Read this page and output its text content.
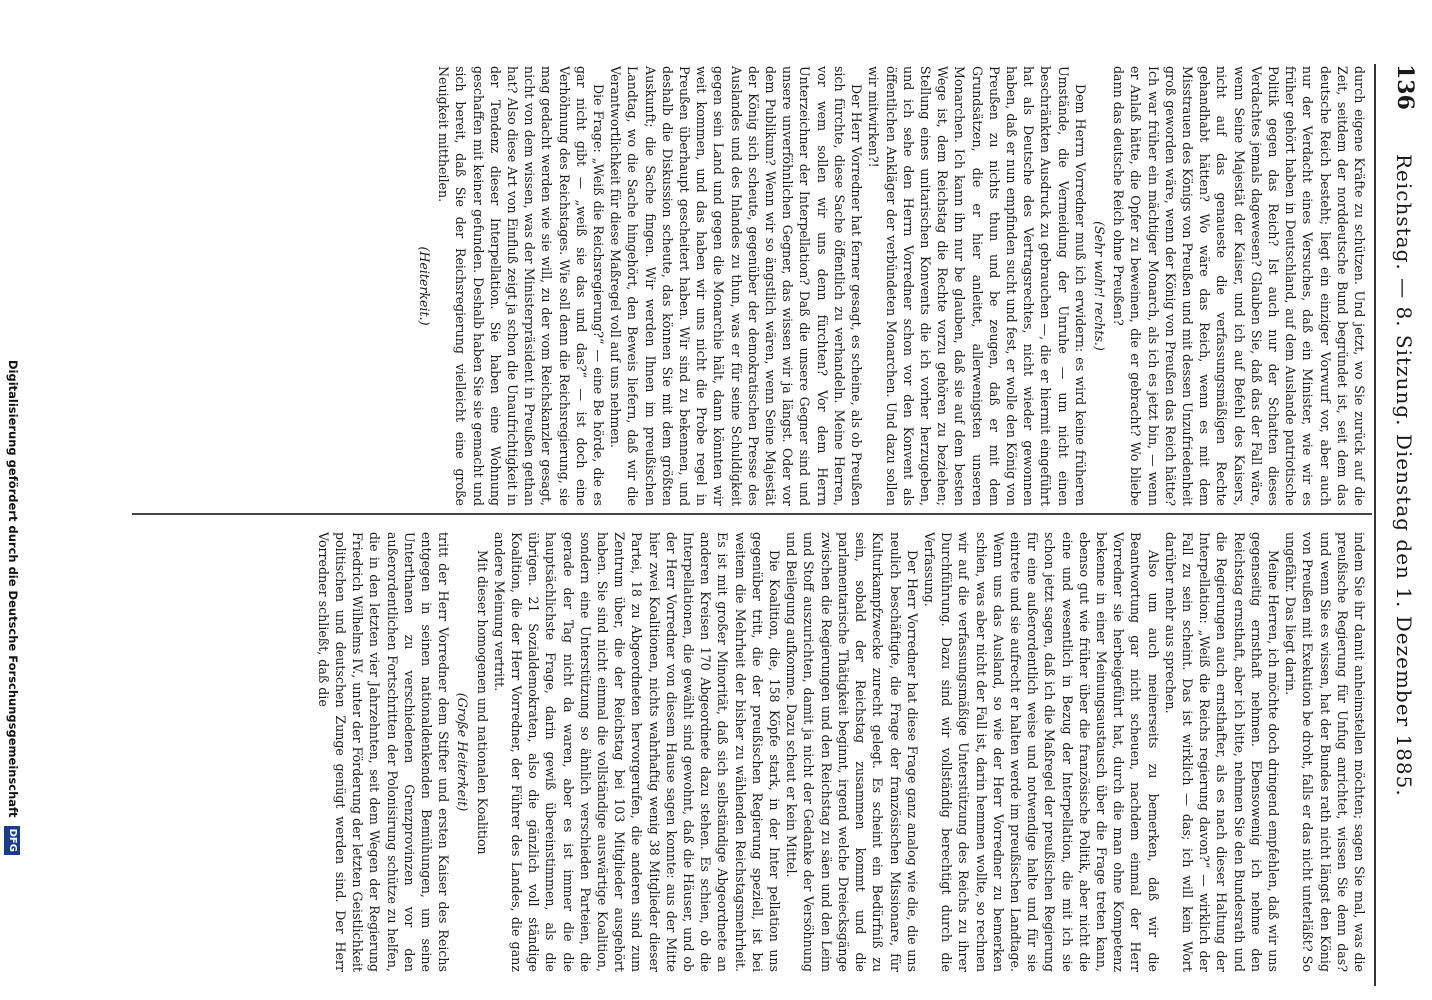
136
Reichstag. — 8. Sitzung. Dienstag den 1. Dezember 1885.

durch eigene Kräfte zu schützen. Und jetzt, wo Sie zurück auf die Zeit, seitdem der norddeutsche Bund begründet ist, seit dem das deutsche Reich besteht; liegt ein einziger Vorwurf vor, aber auch nur der Verdacht eines Versuches, daß ein Minister, wie wir es früher gehört haben in Deutschland, auf dem Auslande patriotische Politik gegen das Reich? Ist auch nur der Schatten dieses Verdachtes jemals dagewesen? Glauben Sie, daß das der Fall wäre, wenn Seine Majestät der Kaiser, und ich auf Befehl des Kaisers, nicht auf das genaueste die verfassungsmäßigen Rechte gehandhabt hätten? Wo wäre das Reich, wenn es mit dem Misstrauen des Königs von Preußen und mit dessen Unzufriedenheit groß geworden wäre, wenn der König von Preußen das Reich hätte? Ich war früher ein mächtiger Monarch, als ich es jetzt bin, — wenn er Anlaß hätte, die Opfer zu beweinen, die er gebracht? Wo bliebe dann das deutsche Reich ohne Preußen?

(Sehr wahr! rechts.)

Dem Herrn Vorredner muß ich erwidern: es wird keine früheren Umstände, die Vermeidung der Unruhe — um nicht einen beschränkten Ausdruck zu gebrauchen —, die er hiermit eingeführt hat als Deutsche des Vertragsrechtes, nicht wieder gewonnen haben, daß er nun empfinden sucht und fest, er wolle den König von Preußen zu nichts thun und be zeugen, daß er mit dem Grundsätzen, die er hier anleitet, allerwenigsten unseren Monarchen. Ich kann ihn nur be glauben, daß sie auf dem besten Wege ist, dem Reichstag die Rechte vorzu gehören zu beziehen; Stellung eines unitarischen Konvents die ich vorher herzugeben, und ich sehe den Herrn Vorredner schon vor den Konvent als öffentlichen Ankläger der verbündeten Monarchen. Und dazu sollen wir mitwirken?!

Der Herr Vorredner hat ferner gesagt, es scheine, als ob Preußen sich fürchte, diese Sache öffentlich zu verhandeln. Meine Herren, vor wem sollen wir uns denn fürchten? Vor dem Herrn Unterzeichner der Interpellation? Daß die unsere Gegner sind und unsere unverföhnlichen Gegner, das wissen wir ja längst. Oder vor dem Publikum? Wenn wir so ängstlich wären, wenn Seine Majestät der König sich scheute, gegenüber der demokratischen Presse des Auslandes und des Inlandes zu thun, was er für seine Schuldigkeit gegen sein Land und gegen die Monarchie hält, dann könnten wir weit kommen, und das haben wir uns nicht die Probe regel in Preußen überhaupt gescheitert haben. Wir sind zu bekennen, und deshalb die Diskussion scheute, das können Sie mit dem größten Auskunft; die Sache fingen. Wir werden Ihnen im preußischen Landtag, wo die Sache hingehört, den Beweis liefern, daß wir die Verantwortlichkeit für diese Maßregel voll auf uns nehmen.

Die Frage: „Weiß die Reichsregierung?“ — eine Be hörde, die es gar nicht gibt — „weiß sie das und das?“ — ist doch eine Verhöhnung des Reichstages. Wie soll denn die Reichsregierung, sie mag gedacht werden wie sie will, zu der vom Reichskanzler gesagt, nicht von dem wissen, was der Ministerpräsident in Preußen gethan hat? Also diese Art von Einfluß zeigt ja schon die Unaufrichtigkeit in der Tendenz dieser Interpellation. Sie haben eine Wohnung geschaffen mit keiner gefunden. Deshalb haben Sie sie gemacht und sich bereit, daß Sie der Reichsregierung vielleicht eine große Neuigkeit mittheilen.

(Heiterkeit.)

indem Sie ihr damit anheimstellen möchten; sagen Sie mal, was die preußische Regierung für Unfug anrichtet, wissen Sie denn das? und wenn Sie es wissen, hat der Bundes rath nicht längst den König von Preußen mit Exekution be droht, falls er das nicht unterläßt? So ungefähr. Das liegt darin.

Meine Herren, ich möchte doch dringend empfehlen, daß wir uns gegenseitig ernsthaft nehmen. Ebensowenig ich nehme den Reichstag ernsthaft, aber ich bitte, nehmen Sie den Bundesrath und die Regierungen auch ernsthafter, als es nach dieser Haltung der Interpellation: „Weiß die Reichs regierung davon?“ — wirklich der Fall zu sein scheint. Das ist wirklich — das; ich will kein Wort darüber mehr aus sprechen.

Also um auch meinerseits zu bemerken, daß wir die Beantwortung gar nicht scheuen, nachdem einmal der Herr Vorredner sie herbeigeführt hat, durch die man ohne Kompetenz bekenne in einer Meinungsaustausch über die Frage treten kann, ebenso gut wie früher über die französische Politik, aber nicht die eine und wesentlich in Bezug der Interpellation, die mit ich sie schon jetzt sagen, daß ich die Maßregel der preußischen Regierung für eine außerordentlich weise und notwendige halte und für sie eintrete und sie aufrecht er halten werde im preußischen Landtage. Wenn uns das Ausland, so wie der Herr Vorredner zu bemerken schien, was aber nicht der Fall ist, darin hemmen wollte, so rechnen wir auf die verfassungsmäßige Unterstützung des Reichs zu ihrer Durchführung. Dazu sind wir vollständig berechtigt durch die Verfassung.

Der Herr Vorredner hat diese Frage ganz analog wie die, die uns neulich beschäftigte, die Frage der französischen Missionare, für Kulturkampfzwecke zurecht gelegt. Es scheint ein Bedürfniß zu sein, sobald der Reichstag zusammen kommt und die parlamentarische Thätigkeit beginnt, irgend welche Dreiecksgänge zwischen die Regierungen und den Reichstag zu säen und den Leim und Stoff auszurichten, damit ja nicht der Gedanke der Versöhnung und Beilegung aufkomme. Dazu scheut er kein Mittel.

Die Koalition, die, 158 Köpfe stark, in der Inter pellation uns gegenüber tritt, die der preußischen Regierung speziell, ist bei weitem die Mehrheit der bisher zu wählenden Reichstagsmehrheit. Es ist mit großer Minorität, daß sich selbständige Abgeordnete an anderen Kreisen 170 Abgeordnete dazu stehen. Es schien, ob die Interpellationen, die gewählt sind gewohnt, daß die Häuser, und ob der Herr Vorredner von diesem Hause sagen konnte: aus der Mitte hier zwei Koalitionen, nichts wahrhaftig wenig 38 Mitglieder dieser Partei, 18 zu Abgeordneten hervorgerufen, die anderen sind zum Zentrum über, die der Reichstag bei 103 Mitglieder ausgehört haben. Sie sind nicht einmal die vollständige auswärtige Koalition, sondern eine Unterstützung so ähnlich verschieden Parteien, die gerade der Tag nicht da waren, aber es ist immer die die hauptsächlichste Frage, darin gewiß übereinstimmen, als die übrigen. 21 Sozialdemokraten, also die gänzlich voll ständige Koalition, die der Herr Vorredner, der Führer des Landes, die ganz andere Meinung vertritt.

Mit dieser homogenen und nationalen Koalition

(Große Heiterkeit)

tritt der Herr Vorredner dem Stifter und ersten Kaiser des Reichs entgegen in seinen nationaldenkenden Bemühungen, um seine Unterthanen zu verschiedenen Grenzprovinzen vor den außerordentlichen Fortschritten der Polonisirung schütze zu helfen, die in den letzten vier Jahrzehnten, seit dem Wegen der Regierung Friedrich Wilhelms IV., unter der Förderung der letzten Geistlichkeit politischen und deutschen Zunge genügt werden sind. Der Herr Vorredner schließt, daß die

Digitalisierung gefördert durch die Deutsche Forschungsgemeinschaft DFG
